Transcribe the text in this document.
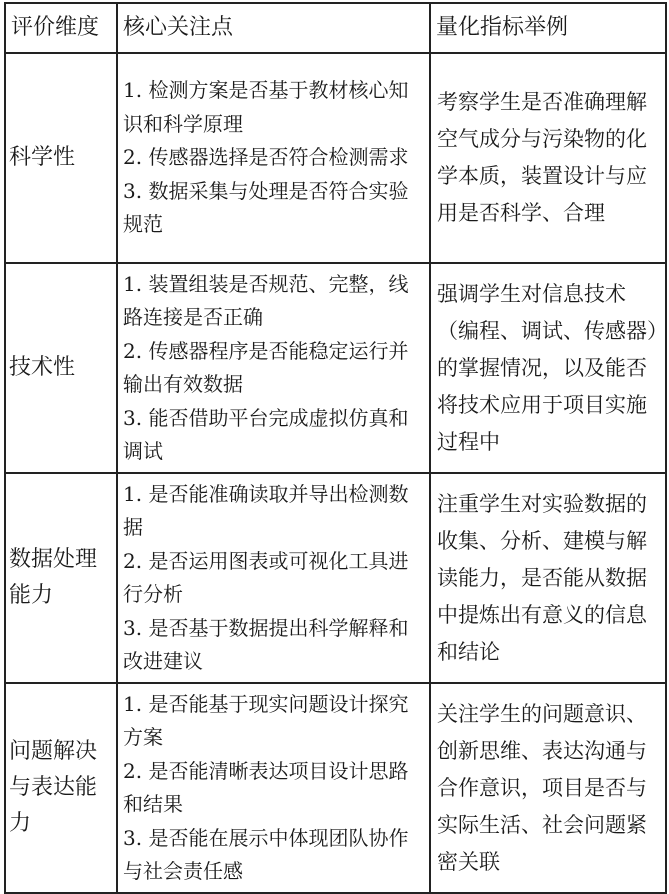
评价维度	核心关注点	量化指标举例
科学性	1. 检测方案是否基于教材核心知识和科学原理
2. 传感器选择是否符合检测需求
3. 数据采集与处理是否符合实验规范	考察学生是否准确理解空气成分与污染物的化学本质，装置设计与应用是否科学、合理
技术性	1. 装置组装是否规范、完整，线路连接是否正确
2. 传感器程序是否能稳定运行并输出有效数据
3. 能否借助平台完成虚拟仿真和调试	强调学生对信息技术（编程、调试、传感器）的掌握情况，以及能否将技术应用于项目实施过程中
数据处理能力	1. 是否能准确读取并导出检测数据
2. 是否运用图表或可视化工具进行分析
3. 是否基于数据提出科学解释和改进建议	注重学生对实验数据的收集、分析、建模与解读能力，是否能从数据中提炼出有意义的信息和结论
问题解决与表达能力	1. 是否能基于现实问题设计探究方案
2. 是否能清晰表达项目设计思路和结果
3. 是否能在展示中体现团队协作与社会责任感	关注学生的问题意识、创新思维、表达沟通与合作意识，项目是否与实际生活、社会问题紧密关联
